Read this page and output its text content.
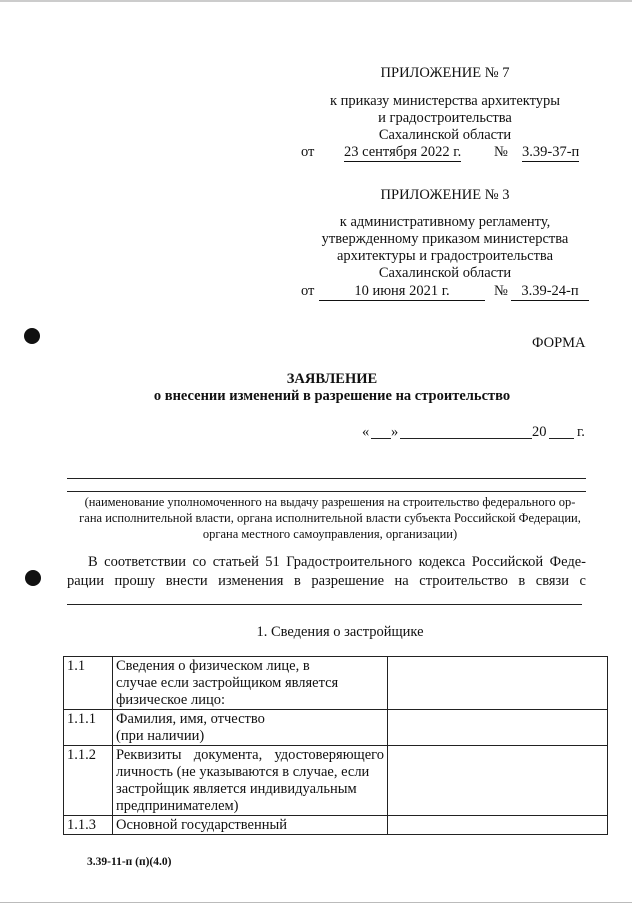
ПРИЛОЖЕНИЕ № 7
к приказу министерства архитектуры
и градостроительства
Сахалинской области
от 23 сентября 2022 г. № 3.39-37-п
ПРИЛОЖЕНИЕ № 3
к административному регламенту,
утвержденному приказом министерства
архитектуры и градостроительства
Сахалинской области
от	10 июня 2021 г.	№ 3.39-24-п
ФОРМА
ЗАЯВЛЕНИЕ
о внесении изменений в разрешение на строительство
« »	20 г.
(наименование уполномоченного на выдачу разрешения на строительство федерального ор-
гана исполнительной власти, органа исполнительной власти субъекта Российской Федерации,
органа местного самоуправления, организации)
В соответствии со статьей 51 Градостроительного кодекса Российской Феде-
рации прошу внести изменения в разрешение на строительство в связи с
1. Сведения о застройщике
1.1	Сведения о физическом лице, в
случае если застройщиком является
физическое лицо:	

1.1.1	Фамилия, имя, отчество
(при наличии)	

1.1.2	Реквизиты документа, удостоверяющего
личность (не указываются в случае, если
застройщик является индивидуальным
предпринимателем)	

1.1.3	Основной государственный	

3.39-11-п (п)(4.0)
